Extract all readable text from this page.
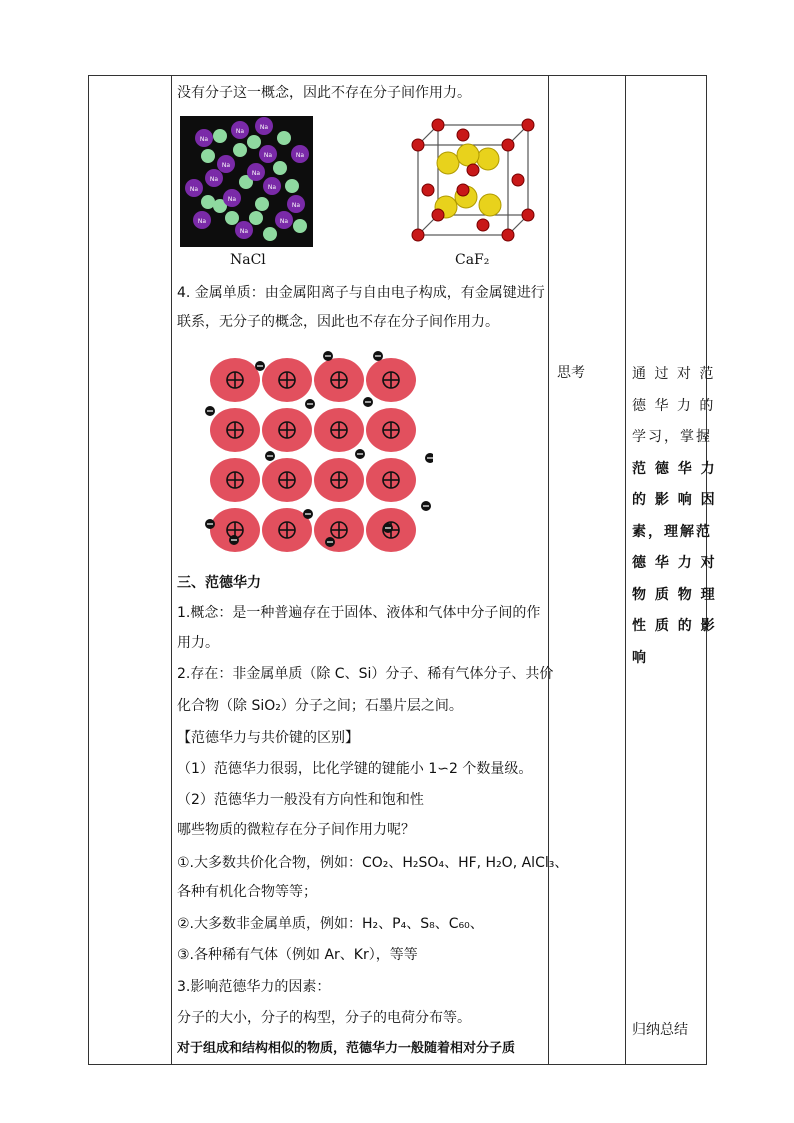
没有分子这一概念，因此不存在分子间作用力。
Na
Na
Na
Na
Na
Na
Na
Na
Na
Na
Na
Na
Na
Na
Na
NaCl	CaF₂
4. 金属单质：由金属阳离子与自由电子构成，有金属键进行
联系，无分子的概念，因此也不存在分子间作用力。
三、范德华力
1.概念：是一种普遍存在于固体、液体和气体中分子间的作
用力。
2.存在：非金属单质（除 C、Si）分子、稀有气体分子、共价
化合物（除 SiO₂）分子之间；石墨片层之间。
【范德华力与共价键的区别】
（1）范德华力很弱，比化学键的键能小 1∽2 个数量级。
（2）范德华力一般没有方向性和饱和性
哪些物质的微粒存在分子间作用力呢？
①.大多数共价化合物，例如：CO₂、H₂SO₄、HF, H₂O, AlCl₃、
各种有机化合物等等；
②.大多数非金属单质，例如：H₂、P₄、S₈、C₆₀、
③.各种稀有气体（例如 Ar、Kr），等等
3.影响范德华力的因素：
分子的大小，分子的构型，分子的电荷分布等。
对于组成和结构相似的物质，范德华力一般随着相对分子质
思考	通 过 对 范
德 华 力 的
学习，掌握
范 德 华 力
的 影 响 因
素，理解范
德 华 力 对
物 质 物 理
性 质 的 影
响
归纳总结
